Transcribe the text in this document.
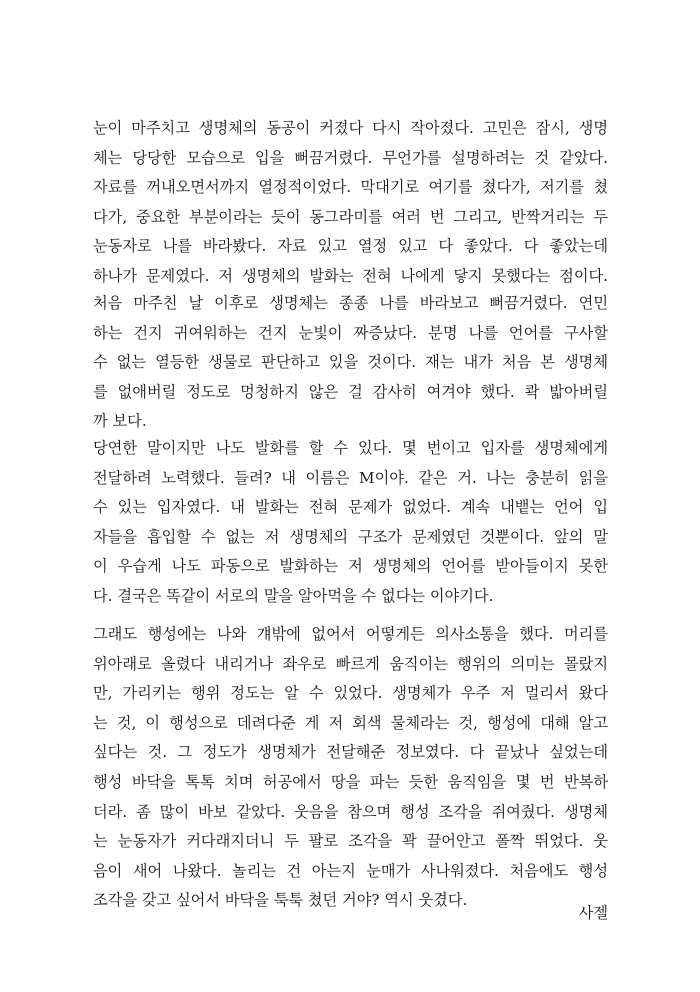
눈이 마주치고 생명체의 동공이 커졌다 다시 작아졌다. 고민은 잠시, 생명
체는 당당한 모습으로 입을 뻐끔거렸다. 무언가를 설명하려는 것 같았다.
자료를 꺼내오면서까지 열정적이었다. 막대기로 여기를 쳤다가, 저기를 쳤
다가, 중요한 부분이라는 듯이 동그라미를 여러 번 그리고, 반짝거리는 두
눈동자로 나를 바라봤다. 자료 있고 열정 있고 다 좋았다. 다 좋았는데
하나가 문제였다. 저 생명체의 발화는 전혀 나에게 닿지 못했다는 점이다.
처음 마주친 날 이후로 생명체는 종종 나를 바라보고 뻐끔거렸다. 연민
하는 건지 귀여워하는 건지 눈빛이 짜증났다. 분명 나를 언어를 구사할
수 없는 열등한 생물로 판단하고 있을 것이다. 재는 내가 처음 본 생명체
를 없애버릴 정도로 멍청하지 않은 걸 감사히 여겨야 했다. 콱 밟아버릴
까 보다.
당연한 말이지만 나도 발화를 할 수 있다. 몇 번이고 입자를 생명체에게
전달하려 노력했다. 들려? 내 이름은 M이야. 같은 거. 나는 충분히 읽을
수 있는 입자였다. 내 발화는 전혀 문제가 없었다. 계속 내뱉는 언어 입
자들을 흡입할 수 없는 저 생명체의 구조가 문제였던 것뿐이다. 앞의 말
이 우습게 나도 파동으로 발화하는 저 생명체의 언어를 받아들이지 못한
다. 결국은 똑같이 서로의 말을 알아먹을 수 없다는 이야기다.
그래도 행성에는 나와 걔밖에 없어서 어떻게든 의사소통을 했다. 머리를
위아래로 올렸다 내리거나 좌우로 빠르게 움직이는 행위의 의미는 몰랐지
만, 가리키는 행위 정도는 알 수 있었다. 생명체가 우주 저 멀리서 왔다
는 것, 이 행성으로 데려다준 게 저 회색 물체라는 것, 행성에 대해 알고
싶다는 것. 그 정도가 생명체가 전달해준 정보였다. 다 끝났나 싶었는데
행성 바닥을 톡톡 치며 허공에서 땅을 파는 듯한 움직임을 몇 번 반복하
더라. 좀 많이 바보 같았다. 웃음을 참으며 행성 조각을 쥐여줬다. 생명체
는 눈동자가 커다래지더니 두 팔로 조각을 꽉 끌어안고 폴짝 뛰었다. 웃
음이 새어 나왔다. 놀리는 건 아는지 눈매가 사나워졌다. 처음에도 행성
조각을 갖고 싶어서 바닥을 툭툭 쳤던 거야? 역시 웃겼다.
사젤
